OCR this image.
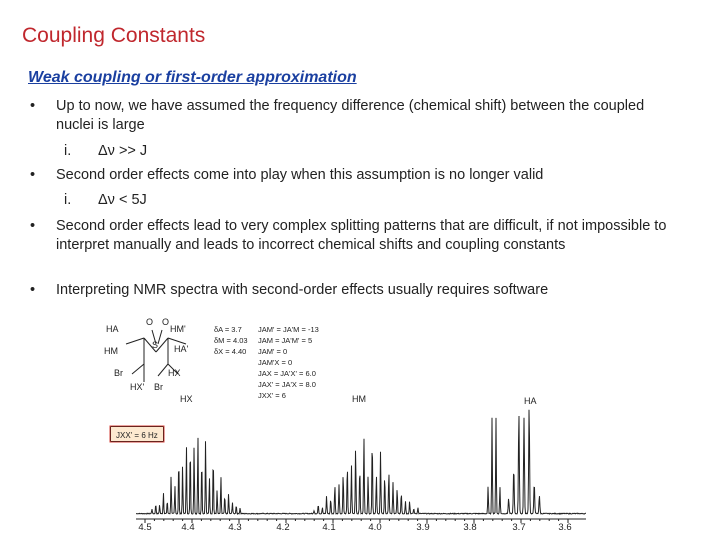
Coupling Constants
Weak coupling or first-order approximation
• Up to now, we have assumed the frequency difference (chemical shift) between the coupled nuclei is large
i. Δν >> J
• Second order effects come into play when this assumption is no longer valid
i. Δν < 5J
• Second order effects lead to very complex splitting patterns that are difficult, if not impossible to interpret manually and leads to incorrect chemical shifts and coupling constants
• Interpreting NMR spectra with second-order effects usually requires software
HA
HM
HM'
HA'
Br	HX
Br
HX'
S
O O
δA = 3.7
δM = 4.03
δX = 4.40
JAM' = JA'M = -13
JAM = JA'M' = 5
JAM' = 0
JAM'X = 0
JAX = JA'X' = 6.0
JAX' = JA'X = 8.0
JXX' = 6
JXX' = 6 Hz
HX	HM	HA
4.5	4.4	4.3	4.2	4.1	4.0	3.9	3.8	3.7	3.6
